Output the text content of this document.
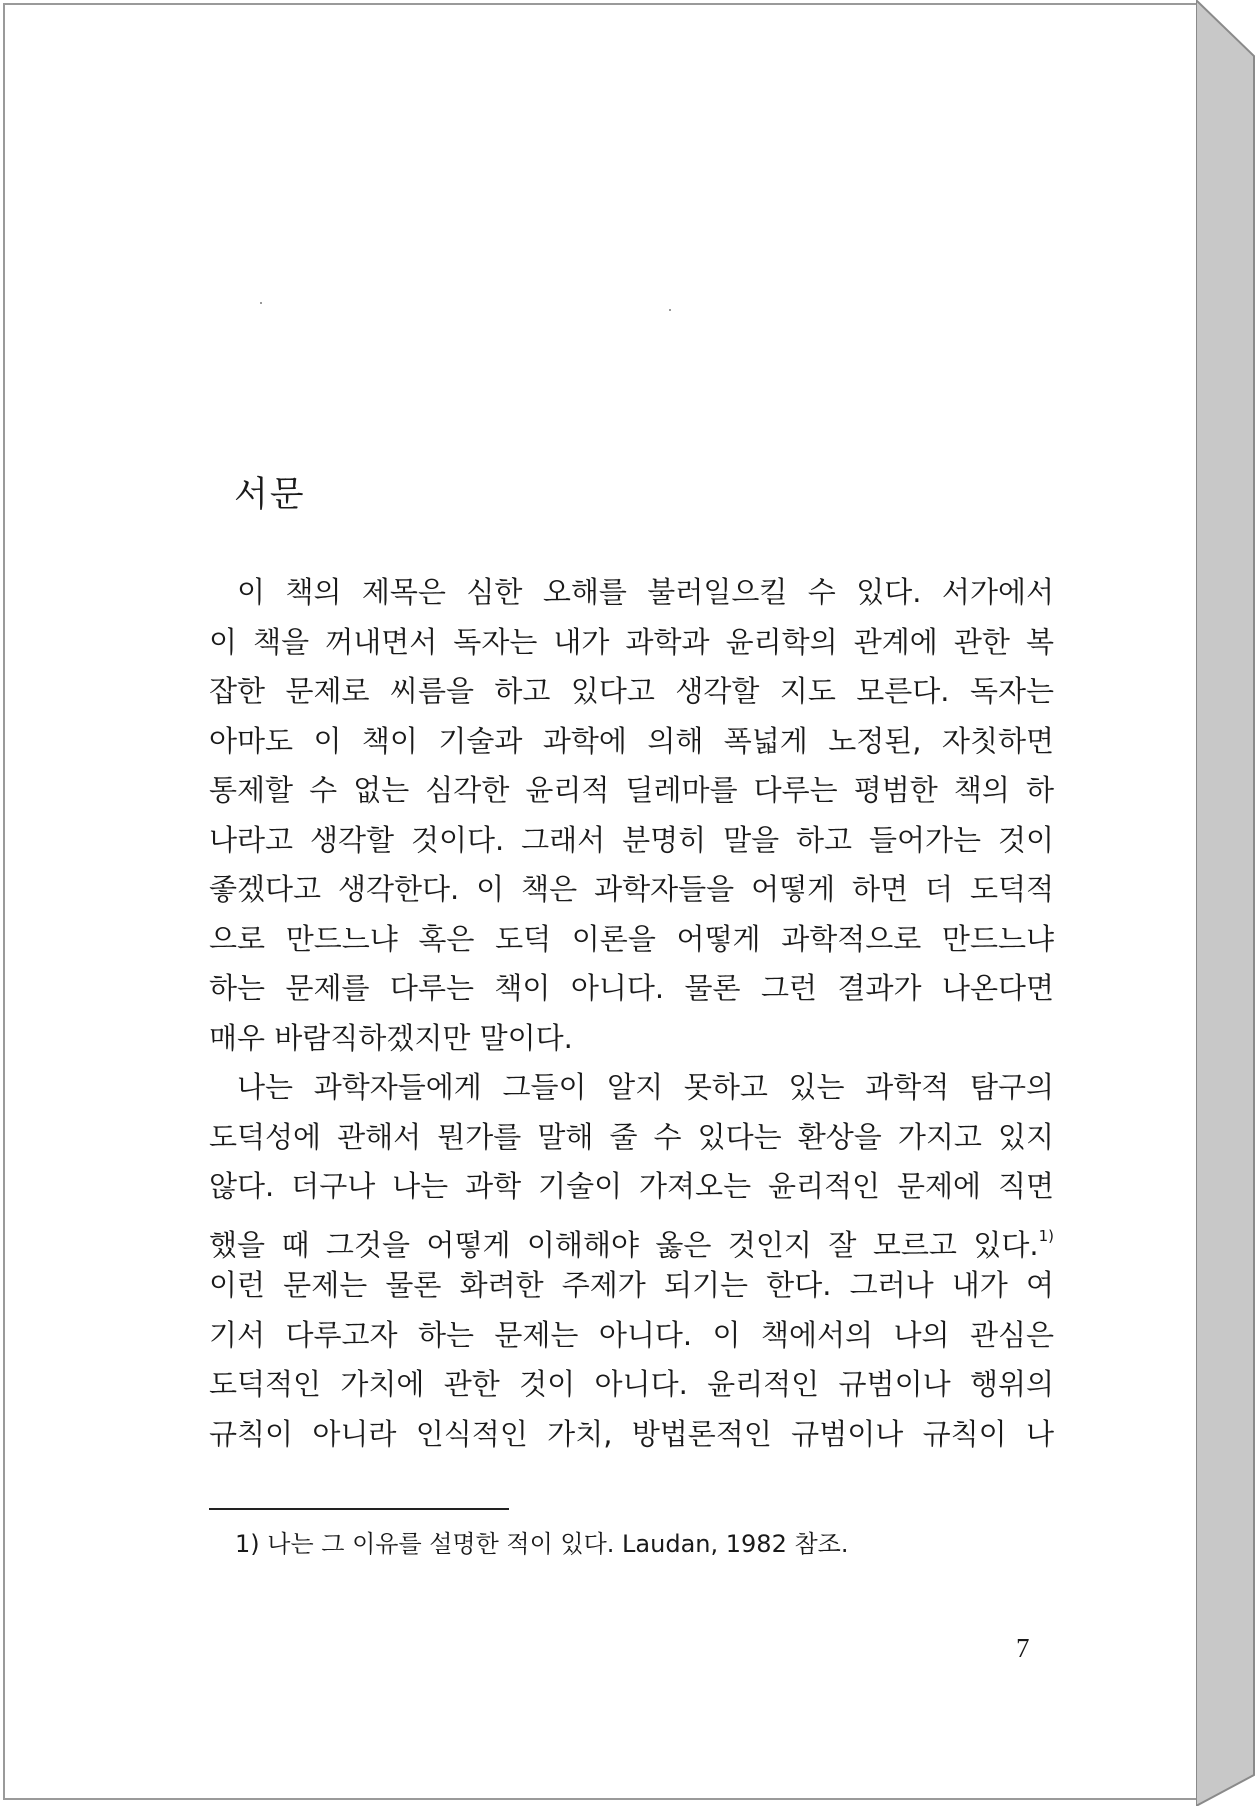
서문
이 책의 제목은 심한 오해를 불러일으킬 수 있다. 서가에서
이 책을 꺼내면서 독자는 내가 과학과 윤리학의 관계에 관한 복
잡한 문제로 씨름을 하고 있다고 생각할 지도 모른다. 독자는
아마도 이 책이 기술과 과학에 의해 폭넓게 노정된, 자칫하면
통제할 수 없는 심각한 윤리적 딜레마를 다루는 평범한 책의 하
나라고 생각할 것이다. 그래서 분명히 말을 하고 들어가는 것이
좋겠다고 생각한다. 이 책은 과학자들을 어떻게 하면 더 도덕적
으로 만드느냐 혹은 도덕 이론을 어떻게 과학적으로 만드느냐
하는 문제를 다루는 책이 아니다. 물론 그런 결과가 나온다면
매우 바람직하겠지만 말이다.
나는 과학자들에게 그들이 알지 못하고 있는 과학적 탐구의
도덕성에 관해서 뭔가를 말해 줄 수 있다는 환상을 가지고 있지
않다. 더구나 나는 과학 기술이 가져오는 윤리적인 문제에 직면
했을 때 그것을 어떻게 이해해야 옳은 것인지 잘 모르고 있다.$^{1)}$
이런 문제는 물론 화려한 주제가 되기는 한다. 그러나 내가 여
기서 다루고자 하는 문제는 아니다. 이 책에서의 나의 관심은
도덕적인 가치에 관한 것이 아니다. 윤리적인 규범이나 행위의
규칙이 아니라 인식적인 가치, 방법론적인 규범이나 규칙이 나
1) 나는 그 이유를 설명한 적이 있다. Laudan, 1982 참조.
7
